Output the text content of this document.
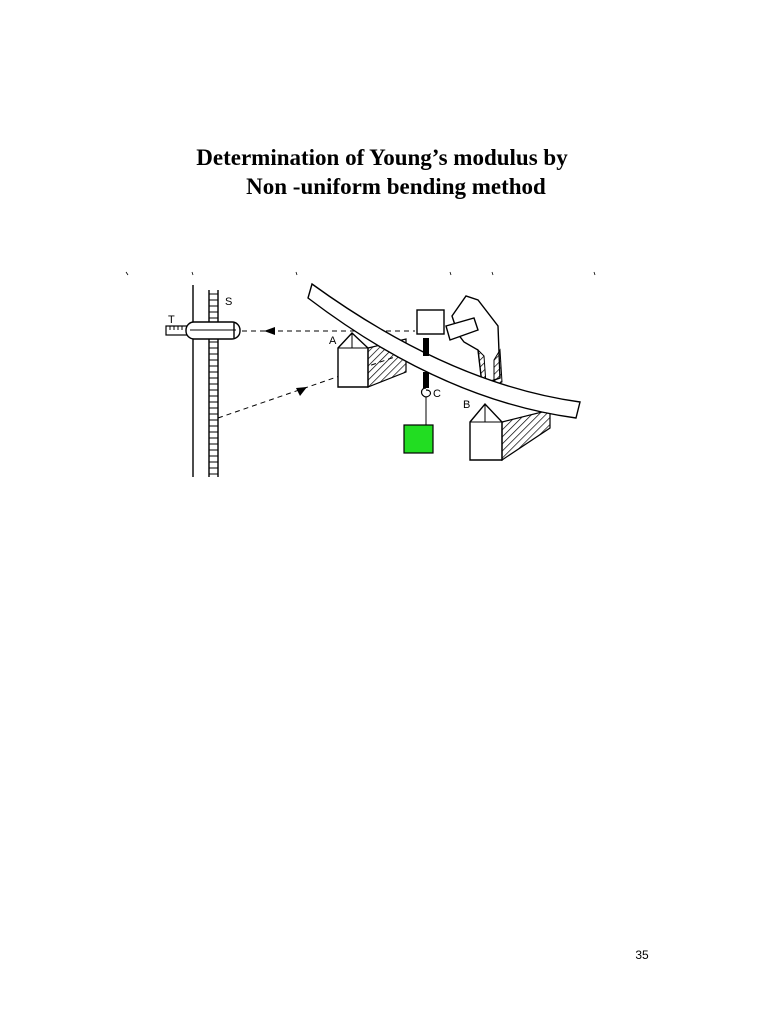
Determination of Young’s modulus by
Non -uniform bending method
S
T
A
C
B
35
